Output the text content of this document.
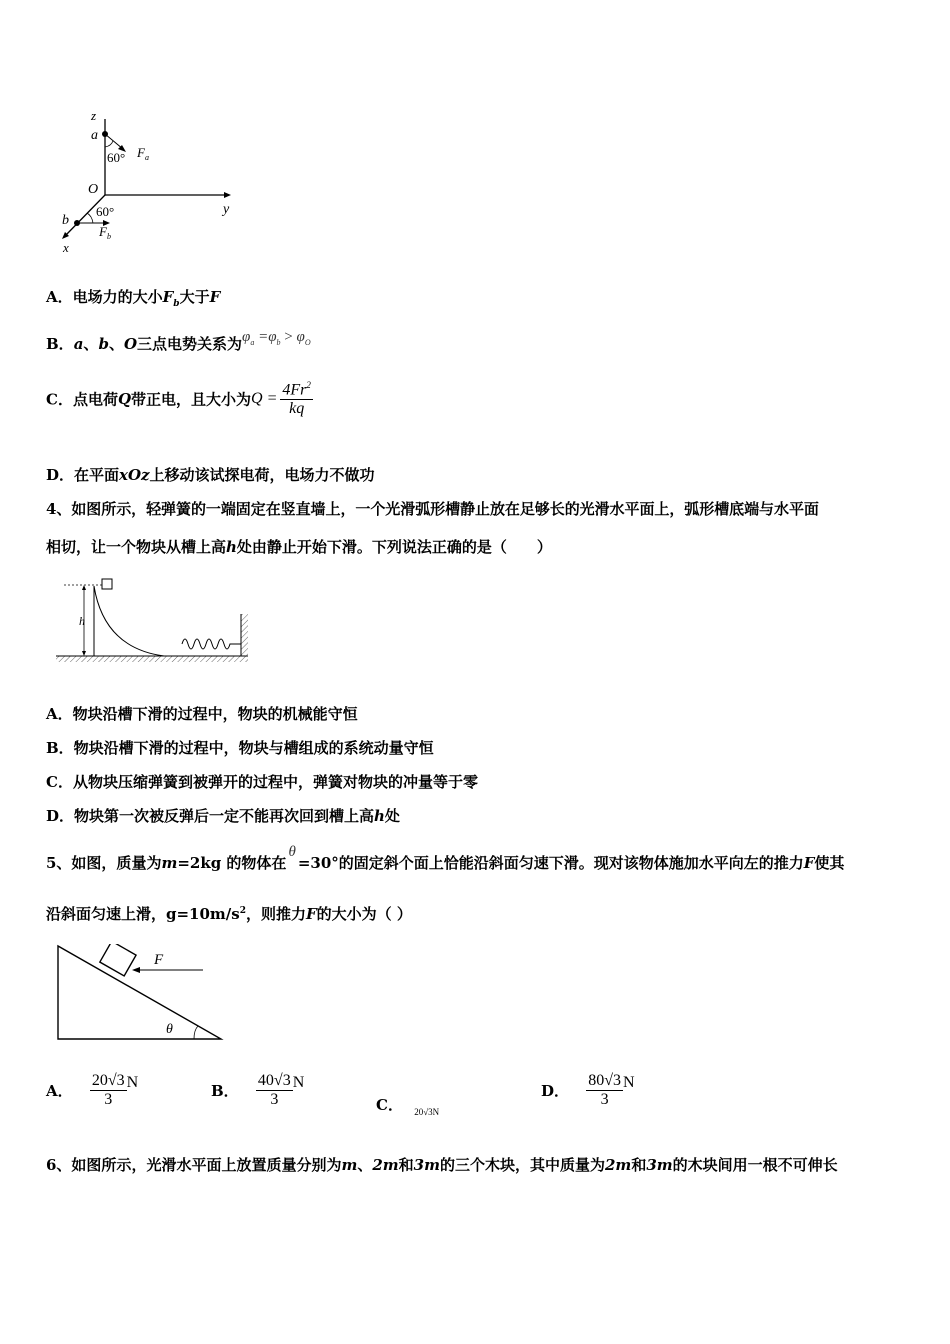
z
a
60° $F_a$
O
y
60°
b
$F_b$
x
A．电场力的大小$F_b$大于F
B．a、b、O三点电势关系为$\varphi_a =\varphi_b > \varphi_O$
C．点电荷Q带正电，且大小为$Q = \frac{4Fr^2}{kq}$
D．在平面xOz上移动该试探电荷，电场力不做功
4、如图所示，轻弹簧的一端固定在竖直墙上，一个光滑弧形槽静止放在足够长的光滑水平面上，弧形槽底端与水平面
相切，让一个物块从槽上高h处由静止开始下滑。下列说法正确的是（　　）
h
A．物块沿槽下滑的过程中，物块的机械能守恒
B．物块沿槽下滑的过程中，物块与槽组成的系统动量守恒
C．从物块压缩弹簧到被弹开的过程中，弹簧对物块的冲量等于零
D．物块第一次被反弹后一定不能再次回到槽上高h处
5、如图，质量为m=2kg 的物体在θ=30°的固定斜个面上恰能沿斜面匀速下滑。现对该物体施加水平向左的推力F使其
沿斜面匀速上滑，$g=10m/s^2$，则推力F的大小为（ ）
F
θ
A． $\frac{20√3}{3}$ N	B． $\frac{40√3}{3}$ N
C． $_{20√3N}$
D． $\frac{80√3}{3}$ N
6、如图所示，光滑水平面上放置质量分别为m、2m和3m的三个木块，其中质量为2m和3m的木块间用一根不可伸长
